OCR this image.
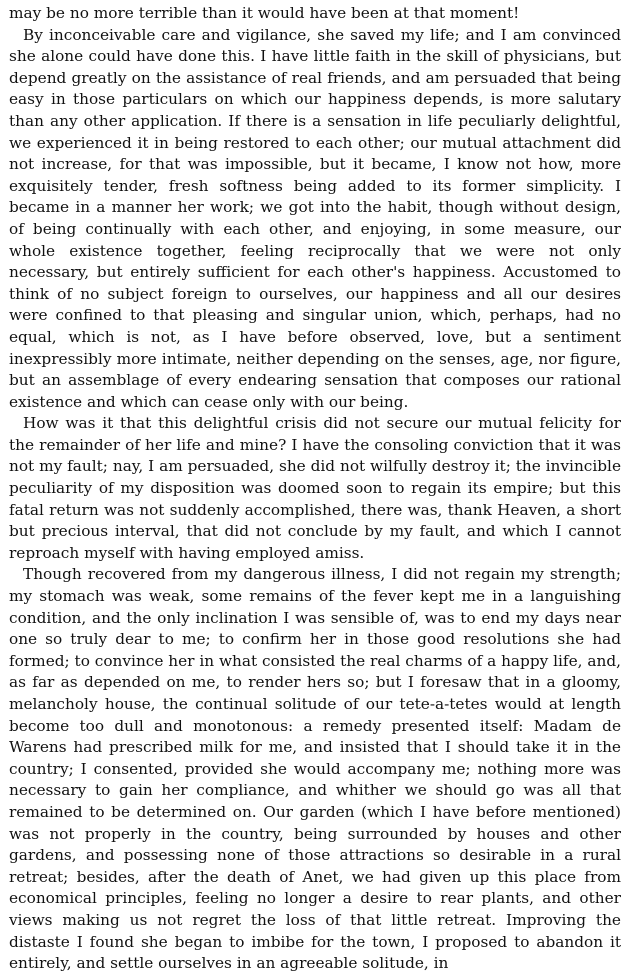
may be no more terrible than it would have been at that moment!

By inconceivable care and vigilance, she saved my life; and I am convinced she alone could have done this. I have little faith in the skill of physicians, but depend greatly on the assistance of real friends, and am persuaded that being easy in those particulars on which our happiness depends, is more salutary than any other application. If there is a sensation in life peculiarly delightful, we experienced it in being restored to each other; our mutual attachment did not increase, for that was impossible, but it became, I know not how, more exquisitely tender, fresh softness being added to its former simplicity. I became in a manner her work; we got into the habit, though without design, of being continually with each other, and enjoying, in some measure, our whole existence together, feeling reciprocally that we were not only necessary, but entirely sufficient for each other's happiness. Accustomed to think of no subject foreign to ourselves, our happiness and all our desires were confined to that pleasing and singular union, which, perhaps, had no equal, which is not, as I have before observed, love, but a sentiment inexpressibly more intimate, neither depending on the senses, age, nor figure, but an assemblage of every endearing sensation that composes our rational existence and which can cease only with our being.

How was it that this delightful crisis did not secure our mutual felicity for the remainder of her life and mine? I have the consoling conviction that it was not my fault; nay, I am persuaded, she did not wilfully destroy it; the invincible peculiarity of my disposition was doomed soon to regain its empire; but this fatal return was not suddenly accomplished, there was, thank Heaven, a short but precious interval, that did not conclude by my fault, and which I cannot reproach myself with having employed amiss.

Though recovered from my dangerous illness, I did not regain my strength; my stomach was weak, some remains of the fever kept me in a languishing condition, and the only inclination I was sensible of, was to end my days near one so truly dear to me; to confirm her in those good resolutions she had formed; to convince her in what consisted the real charms of a happy life, and, as far as depended on me, to render hers so; but I foresaw that in a gloomy, melancholy house, the continual solitude of our tete-a-tetes would at length become too dull and monotonous: a remedy presented itself: Madam de Warens had prescribed milk for me, and insisted that I should take it in the country; I consented, provided she would accompany me; nothing more was necessary to gain her compliance, and whither we should go was all that remained to be determined on. Our garden (which I have before mentioned) was not properly in the country, being surrounded by houses and other gardens, and possessing none of those attractions so desirable in a rural retreat; besides, after the death of Anet, we had given up this place from economical principles, feeling no longer a desire to rear plants, and other views making us not regret the loss of that little retreat. Improving the distaste I found she began to imbibe for the town, I proposed to abandon it entirely, and settle ourselves in an agreeable solitude, in
